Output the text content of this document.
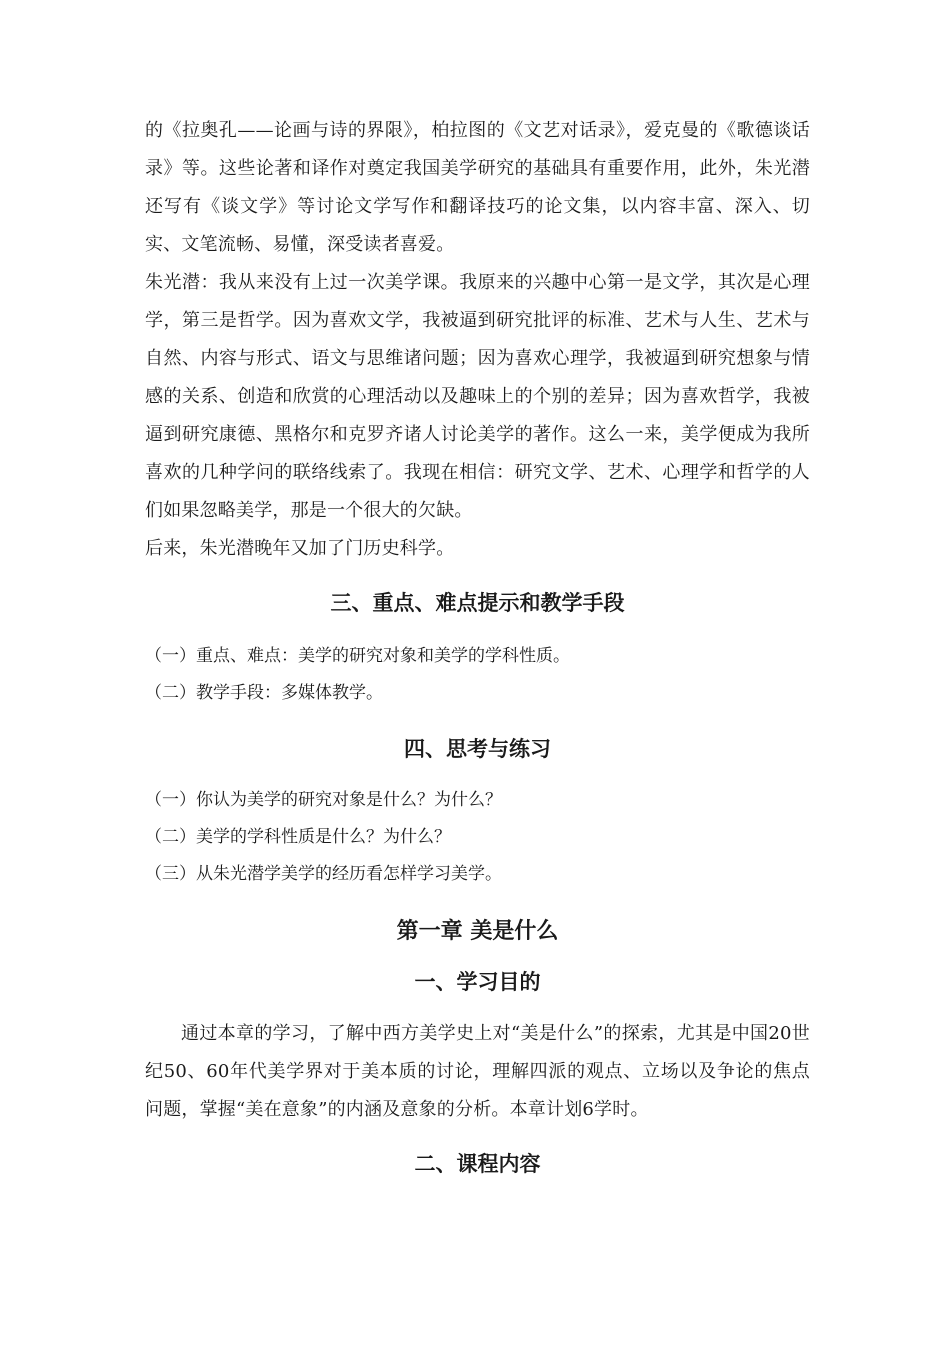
的《拉奥孔——论画与诗的界限》，柏拉图的《文艺对话录》，爱克曼的《歌德谈话录》等。这些论著和译作对奠定我国美学研究的基础具有重要作用，此外，朱光潜还写有《谈文学》等讨论文学写作和翻译技巧的论文集，以内容丰富、深入、切实、文笔流畅、易懂，深受读者喜爱。

朱光潜：我从来没有上过一次美学课。我原来的兴趣中心第一是文学，其次是心理学，第三是哲学。因为喜欢文学，我被逼到研究批评的标准、艺术与人生、艺术与自然、内容与形式、语文与思维诸问题；因为喜欢心理学，我被逼到研究想象与情感的关系、创造和欣赏的心理活动以及趣味上的个别的差异；因为喜欢哲学，我被逼到研究康德、黑格尔和克罗齐诸人讨论美学的著作。这么一来，美学便成为我所喜欢的几种学问的联络线索了。我现在相信：研究文学、艺术、心理学和哲学的人们如果忽略美学，那是一个很大的欠缺。

后来，朱光潜晚年又加了门历史科学。

三、重点、难点提示和教学手段

（一）重点、难点：美学的研究对象和美学的学科性质。

（二）教学手段：多媒体教学。

四、思考与练习

（一）你认为美学的研究对象是什么？为什么？

（二）美学的学科性质是什么？为什么？

（三）从朱光潜学美学的经历看怎样学习美学。

第一章 美是什么
一、学习目的

通过本章的学习，了解中西方美学史上对“美是什么”的探索，尤其是中国20世纪50、60年代美学界对于美本质的讨论，理解四派的观点、立场以及争论的焦点问题，掌握“美在意象”的内涵及意象的分析。本章计划6学时。

二、课程内容
